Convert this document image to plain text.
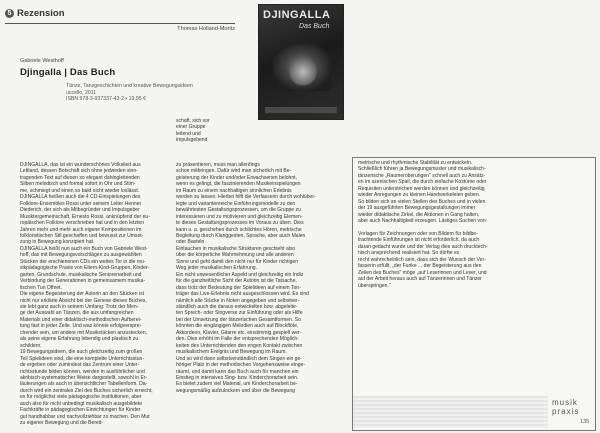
5 Rezension
Thomas Holland-Moritz
Gabriele Westhoff
Djingalla | Das Buch
Tänze, Tanzgeschichten und kreative Bewegungsideen
uccello, 2011
ISBN 978-3-937337-43-2 • 19,95 €
DJINGALLA
Das Buch
DJINGALLA, das ist ein wunderschönes Volkslied aus
Lettland, dessen Botschaft sich ohne jedweden sinn-
tragenden Text auf diesen so elegant dahingleitenden
Silben melodisch und formal sofort in Ohr und Stim-
me, schmiegt und einen so bald nicht wieder loslässt.
DJINGALLA heißen auch die 4 CD-Einspielungen des
Folklore-Ensembles Rossi unter seinem Leiter Henner
Diederich, der sich als Mitbegründer und Impulsgeber
Musiktergemeinschaft, Ernesto Rossi, anknüpfend der eu-
ropäischen Folklore verschrieben hat und in den letzten
Jahren mehr und mehr auch eigene Kompositionen im
folkloristischen Stil geschaffen und bewusst zur Umset-
zung in Bewegung konzipiert hat.
DJINGALLA heißt nun auch ein Buch von Gabriele West-
hoff, das mit Bewegungsvorschlägen zu ausgewählten
Stücken der erschienenen CDs ein weites Tor in die mu-
sikpädagogische Praxis von Eltern-Kind-Gruppen, Kinder-
garten, Grundschule, musikalische Seniorenarbeit und
Verbindung der Generationen in gemeinsamem musika-
lischen Tun Öffnet.
Die eigene Begeisterung der Autorin an den Stücken ist
nicht nur erklärte Absicht bei der Genese dieses Buches,
sie lebt ganz auch in seinem Umfang: Trotz der Men-
ge der Auswahl an Tänzen, die aus umfangreichen
Materials und einer didaktisch-methodischen Aufberei-
tung fast in jeder Zeile. Und was könnte erfolgverspre-
chender sein, um andere mit Musikstücken anzustecken,
als seine eigene Erfahrung lebendig und plastisch zu
schildern.
19 Bewegungsideen, die auch gleichzeitig zum großen
Teil Spielideen sind, die eine komplette Unterrichtsstun-
de ergeben oder zumindest das Zentrum einer Unter-
richtsstunde bilden können, werden in ausführlicher und
akribisch-systematischer Weise dargestellt, sowohl in Er-
läuterungen als auch in übersichtlicher Tabellenform. Da-
durch wird ein zentrales Ziel des Buches sicherlich erreicht,
es für möglichst viele pädagogische Institutionen, aber
auch also für nicht unbedingt musikalisch ausgebildete
Fachkräfte in pädagogischen Einrichtungen für Kinder
gut handhabbar und nachvollziehbar zu machen. Den Mut
zu eigener Bewegung und die Bereit-
schaft, sich vor
einer Gruppe
leitend und
impulsgebend
zu präsentieren, muss man allerdings
schon mitbringen. Dafür wird man sicherlich mit Be-
geisterung der Kinder und/oder Erwachsenen belohnt,
wenn es gelingt, die faszinierenden Musikeinspielungen
im Raum zu einem nachhaltigen sinnlichen Erlebnis
werden zu lassen. Hierbei hilft die Verfasserin durch wohlüber-
legte und variantenreiche Einführungsmodelle zu den
bewährtesten Gestaltungsprozessen, um die Gruppe zu
interessieren und zu motivieren und gleichzeitig Elemen-
te dieses Gestaltungsprozesses im Voraus zu üben. Dies
kann u. a. geschehen durch schlichtes Hören, metrische
Begleitung durch Klanggesten, Sprache, aber auch Malen
oder Basteln.
Eintauchen in musikalische Strukturen geschieht also
über die körperliche Wahrnehmung und alle anderen
Sinne und geht damit den nicht nur für Kinder richtigen
Weg jeder musikalischen Erfahrung.
Ein nicht unwesentlicher Aspekt und gleichzeitig ein Indiz
für die ganzheitliche Sicht der Autorin ist die Tatsache,
dass trotz der Bedeutung der Spielideen auf einem Ton-
träger das Live-Erlebnis nicht ausgeschlossen wird. Es sind
nämlich alle Stücke in Noten angegeben und selbstver-
ständlich auch die daraus entwickelten bzw. abgeleite-
ten Sprech- oder Singverse zur Einführung oder als Hilfe
bei der Umsetzung der tänzerischen Gesamtformen. So
könnten die eingängigen Melodien auch auf Blockflöte,
Akkordeon, Klavier, Gitarre etc. einstimmig gespielt wer-
den. Dies erhöht im Falle der entsprechenden Möglich-
keiten des Unterrichtenden den engen Kontakt zwischen
musikalischem Ereignis und Bewegung im Raum.
Und so wird dann selbstverständlich dem Singen ein ge-
höriger Platz in der methodischen Vorgehensweise einge-
räumt, und damit kann das Buch auch für manchen ein
Einstieg in intensives Sing- bzw. Kinderchorarbeit sein.
Es bietet zudem viel Material, um Kinderchorarbeit be-
wegungsmäßig aufzulockern und über die Bewegung
metrische und rhythmische Stabilität zu entwickeln.
Schließlich führen ja Bewegungsmuster und musikalisch-
tänzerische „Raumeroberungen" schnell auch zu Ansätz-
en im szenischen Spiel, die durch einfache Kostüme oder
Requisiten unterstrichen werden können und gleichzeitig
wieder Anregungen zu kleinen Handwerkeleien geben.
So bilden sich an vielen Stellen des Buches und in vielen
der 19 ausgeführten Bewegungsgestaltungen immer
wieder didaktische Zirkel, die Aktionen in Gang halten,
aber auch Nachhaltigkeit erzeugen. Lästiges Suchen von

Vorlagen für Zeichnungen oder von Bildern für bildbe-
trachtende Einführungen ist nicht erforderlich, da auch
daran gedacht wurde und der Verlag dies auch drucktech-
nisch ansprechend realisiert hat. So dürfte es
recht wahrscheinlich sein, dass sich der Wunsch der Ver-
fasserin erfüllt, „der Funke ... der Begeisterung aus den
Zeilen des Buches" möge „auf Leserinnen und Leser, und
auf der Arbeit heraus auch auf Tänzerinnen und Tänzer
überspringen."
musik
praxis
135
